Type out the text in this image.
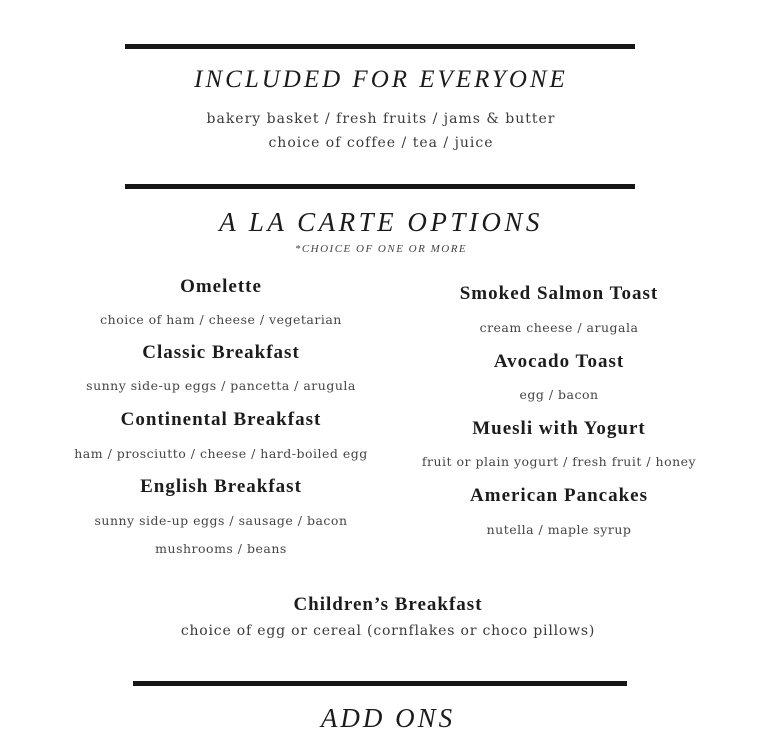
INCLUDED FOR EVERYONE
bakery basket / fresh fruits / jams & butter
choice of coffee / tea / juice
A LA CARTE OPTIONS
*CHOICE OF ONE OR MORE
Omelette
choice of ham / cheese / vegetarian
Classic Breakfast
sunny side-up eggs / pancetta / arugula
Continental Breakfast
ham / prosciutto / cheese / hard-boiled egg
English Breakfast
sunny side-up eggs / sausage / bacon
mushrooms / beans
Smoked Salmon Toast
cream cheese / arugala
Avocado Toast
egg / bacon
Muesli with Yogurt
fruit or plain yogurt / fresh fruit / honey
American Pancakes
nutella / maple syrup
Children’s Breakfast
choice of egg or cereal (cornflakes or choco pillows)
ADD ONS
